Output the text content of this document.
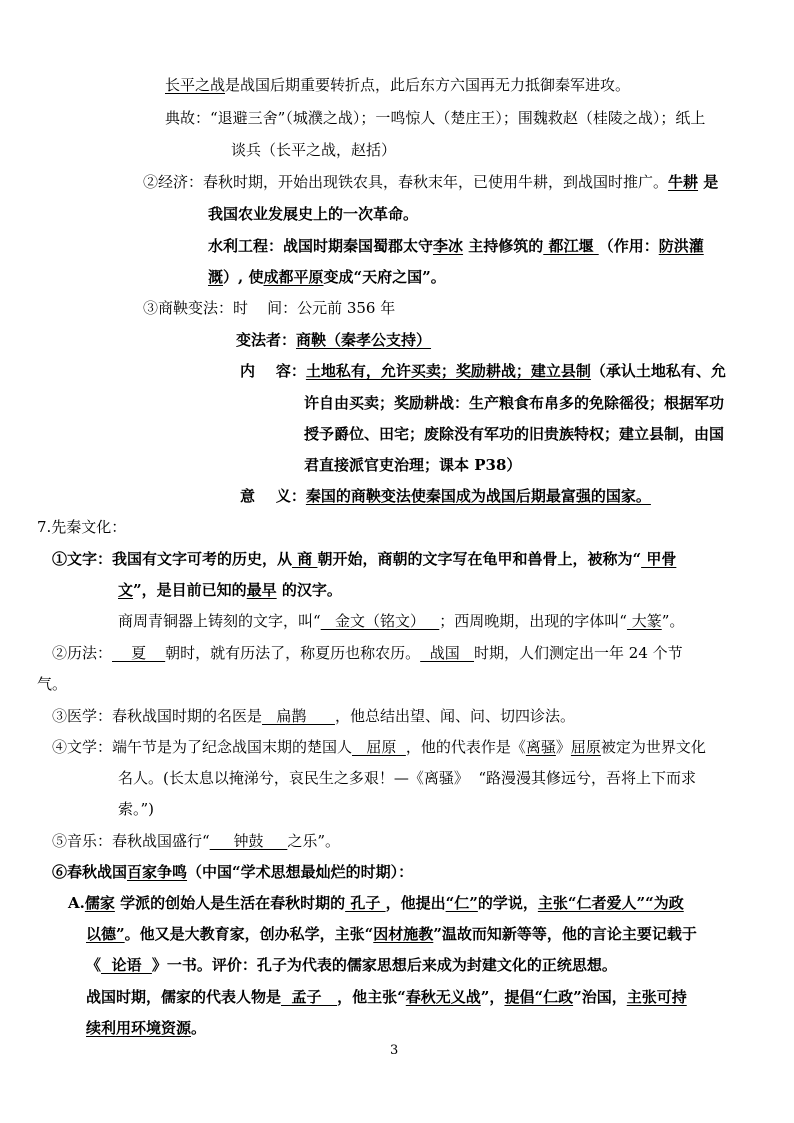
长平之战是战国后期重要转折点，此后东方六国再无力抵御秦军进攻。
典故：“退避三舍”（城濮之战）；一鸣惊人（楚庄王）；围魏救赵（桂陵之战）；纸上
谈兵（长平之战，赵括）
②经济：春秋时期，开始出现铁农具，春秋末年，已使用牛耕，到战国时推广。牛耕 是
我国农业发展史上的一次革命。
水利工程：战国时期秦国蜀郡太守李冰 主持修筑的 都江堰 （作用：防洪灌
溉）, 使成都平原变成“天府之国”。
③商鞅变法：时    间：公元前 356 年
变法者：商鞅（秦孝公支持）
内    容：土地私有，允许买卖；奖励耕战；建立县制（承认土地私有、允
许自由买卖；奖励耕战：生产粮食布帛多的免除徭役；根据军功
授予爵位、田宅；废除没有军功的旧贵族特权；建立县制，由国
君直接派官吏治理；课本 P38）
意    义：秦国的商鞅变法使秦国成为战国后期最富强的国家。
7.先秦文化：
①文字：我国有文字可考的历史，从 商 朝开始，商朝的文字写在龟甲和兽骨上，被称为“ 甲骨
文”，是目前已知的最早 的汉字。
商周青铜器上铸刻的文字，叫“   金文（铭文）   ；西周晚期，出现的字体叫“ 大篆”。
②历法：    夏    朝时，就有历法了，称夏历也称农历。  战国   时期，人们测定出一年 24 个节
气。
③医学：春秋战国时期的名医是   扁鹊      ，他总结出望、闻、问、切四诊法。
④文学：端午节是为了纪念战国末期的楚国人   屈原  ，他的代表作是《离骚》屈原被定为世界文化
名人。(长太息以掩涕兮，哀民生之多艰！—《离骚》  “路漫漫其修远兮，吾将上下而求
索。”)
⑤音乐：春秋战国盛行“     钟鼓     之乐”。
⑥春秋战国百家争鸣（中国“学术思想最灿烂的时期）：
A.儒家 学派的创始人是生活在春秋时期的 孔子 ，他提出“仁”的学说，主张“仁者爱人”“为政
以德”。他又是大教育家，创办私学，主张“因材施教”温故而知新等等，他的言论主要记载于
《  论语  》一书。评价：孔子为代表的儒家思想后来成为封建文化的正统思想。
战国时期，儒家的代表人物是  孟子   ，他主张“春秋无义战”，提倡“仁政”治国，主张可持
续利用环境资源。
3
